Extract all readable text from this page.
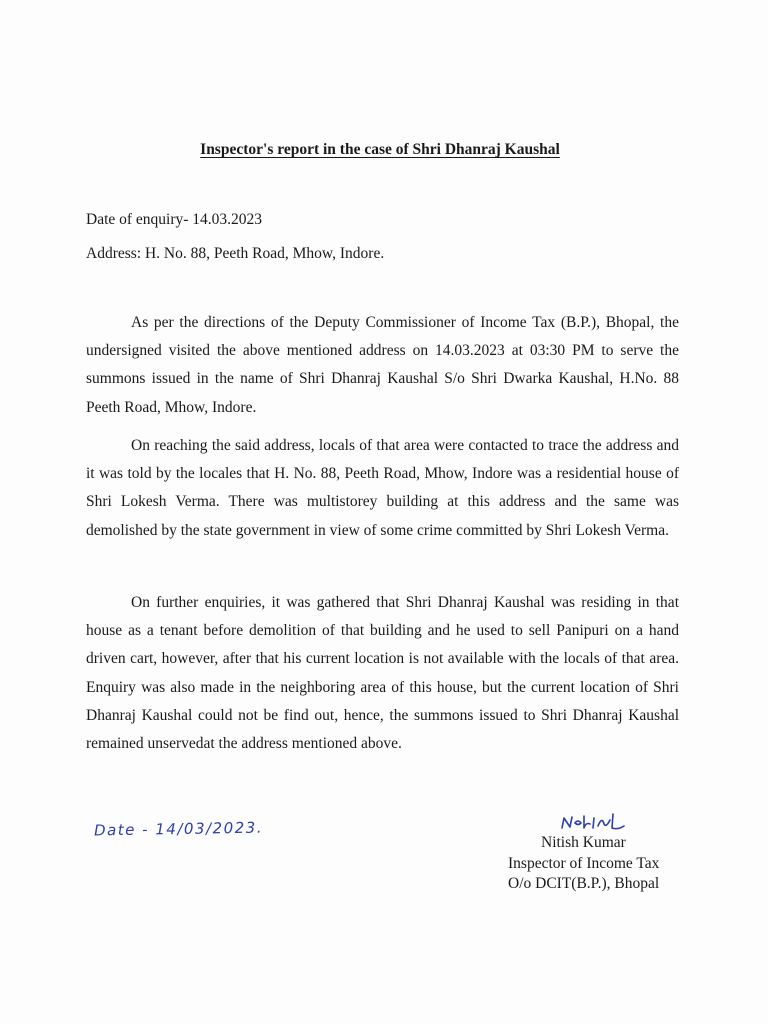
Inspector's report in the case of Shri Dhanraj Kaushal
Date of enquiry- 14.03.2023
Address: H. No. 88, Peeth Road, Mhow, Indore.

As per the directions of the Deputy Commissioner of Income Tax (B.P.), Bhopal, the undersigned visited the above mentioned address on 14.03.2023 at 03:30 PM to serve the summons issued in the name of Shri Dhanraj Kaushal S/o Shri Dwarka Kaushal, H.No. 88 Peeth Road, Mhow, Indore.

On reaching the said address, locals of that area were contacted to trace the address and it was told by the locales that H. No. 88, Peeth Road, Mhow, Indore was a residential house of Shri Lokesh Verma. There was multistorey building at this address and the same was demolished by the state government in view of some crime committed by Shri Lokesh Verma.

On further enquiries, it was gathered that Shri Dhanraj Kaushal was residing in that house as a tenant before demolition of that building and he used to sell Panipuri on a hand driven cart, however, after that his current location is not available with the locals of that area. Enquiry was also made in the neighboring area of this house, but the current location of Shri Dhanraj Kaushal could not be find out, hence, the summons issued to Shri Dhanraj Kaushal remained unservedat the address mentioned above.

Date - 14/03/2023.
Nitish Kumar
Inspector of Income Tax
O/o DCIT(B.P.), Bhopal
